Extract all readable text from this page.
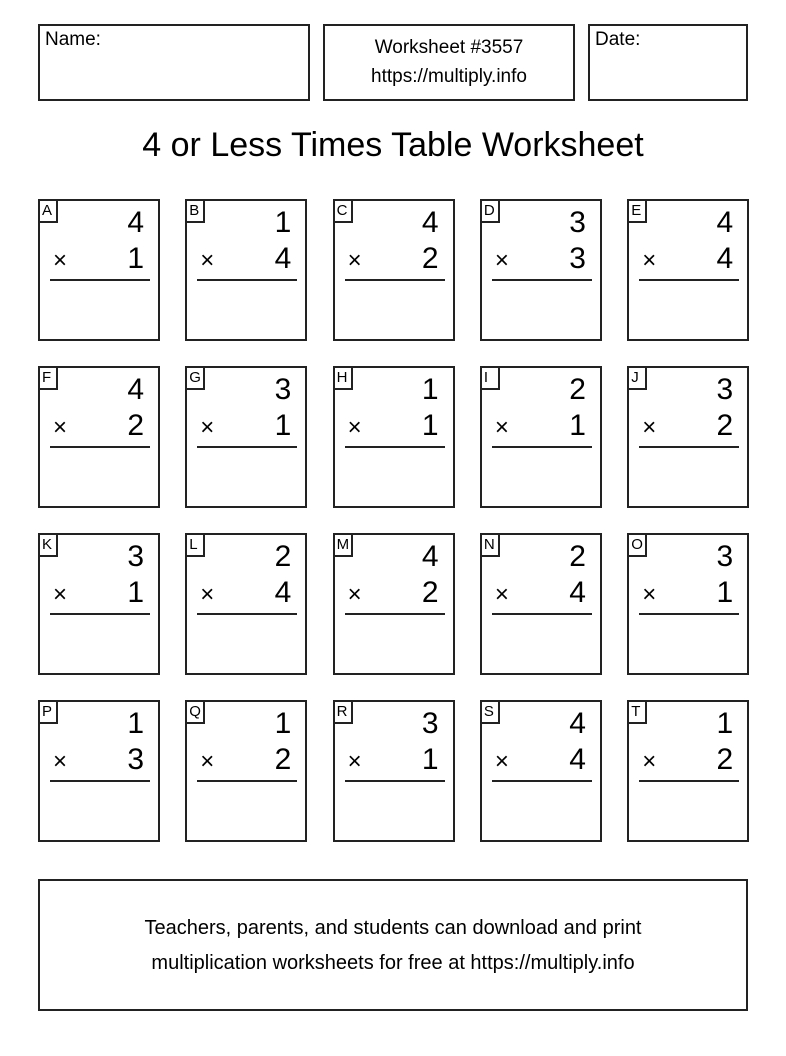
Name:	Worksheet #3557
https://multiply.info
Date:
4 or Less Times Table Worksheet
A	4
× 1
B	1
× 4
C 4
× 2
D 3
× 3
E	4
× 4
F	4
× 2
G 3
× 1
H 1
× 1
I	2
× 1
J	3
× 2
K	3
× 1
L	2
× 4
M 4
× 2
N 2
× 4
O 3
× 1
P	1
× 3
Q 1
× 2
R 3
× 1
S	4
× 4
T	1
× 2
Teachers, parents, and students can download and print
multiplication worksheets for free at https://multiply.info
